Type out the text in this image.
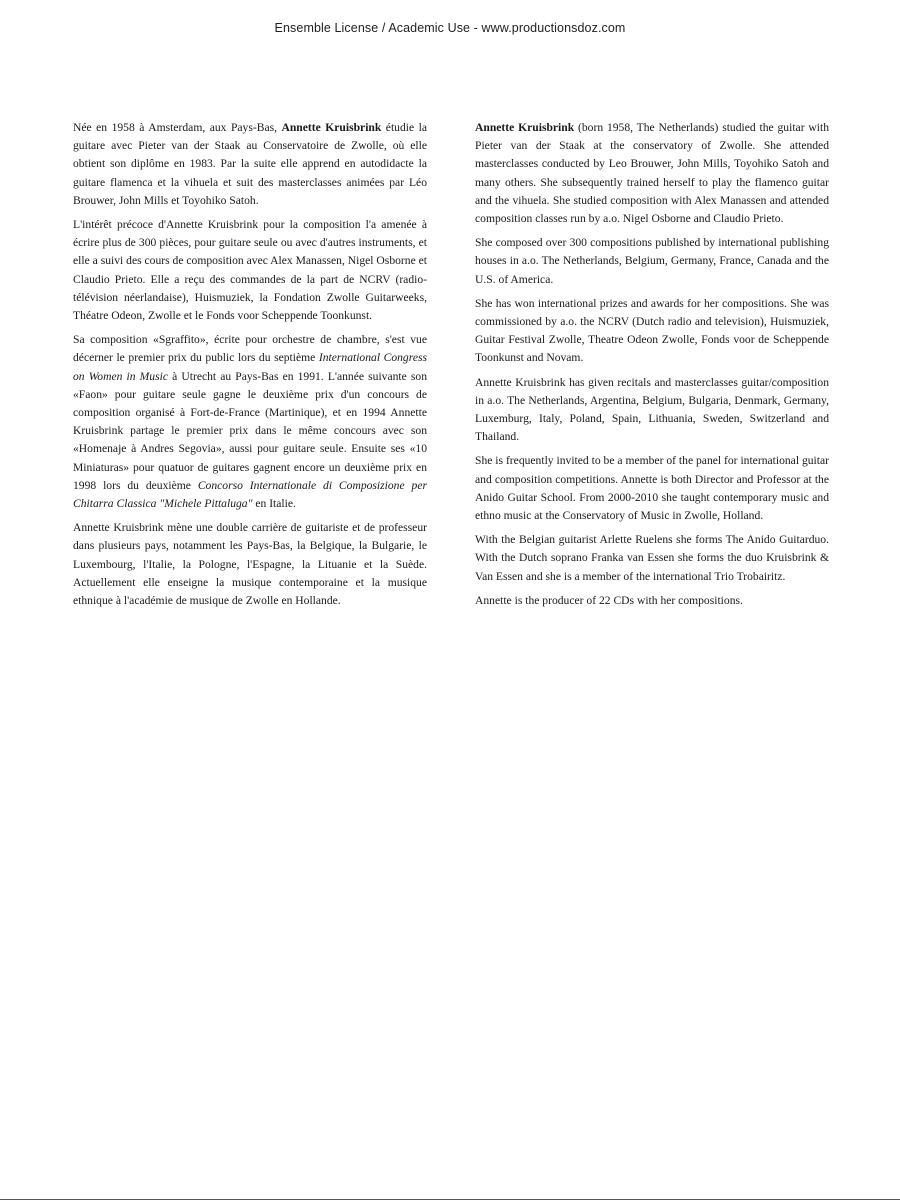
Ensemble License / Academic Use - www.productionsdoz.com

Née en 1958 à Amsterdam, aux Pays-Bas, Annette Kruisbrink étudie la guitare avec Pieter van der Staak au Conservatoire de Zwolle, où elle obtient son diplôme en 1983. Par la suite elle apprend en autodidacte la guitare flamenca et la vihuela et suit des masterclasses animées par Léo Brouwer, John Mills et Toyohiko Satoh.

L'intérêt précoce d'Annette Kruisbrink pour la composition l'a amenée à écrire plus de 300 pièces, pour guitare seule ou avec d'autres instruments, et elle a suivi des cours de composition avec Alex Manassen, Nigel Osborne et Claudio Prieto. Elle a reçu des commandes de la part de NCRV (radio-télévision néerlandaise), Huismuziek, la Fondation Zwolle Guitarweeks, Théatre Odeon, Zwolle et le Fonds voor Scheppende Toonkunst.

Sa composition «Sgraffito», écrite pour orchestre de chambre, s'est vue décerner le premier prix du public lors du septième International Congress on Women in Music à Utrecht au Pays-Bas en 1991. L'année suivante son «Faon» pour guitare seule gagne le deuxième prix d'un concours de composition organisé à Fort-de-France (Martinique), et en 1994 Annette Kruisbrink partage le premier prix dans le même concours avec son «Homenaje à Andres Segovia», aussi pour guitare seule. Ensuite ses «10 Miniaturas» pour quatuor de guitares gagnent encore un deuxième prix en 1998 lors du deuxième Concorso Internationale di Composizione per Chitarra Classica "Michele Pittaluga" en Italie.

Annette Kruisbrink mène une double carrière de guitariste et de professeur dans plusieurs pays, notamment les Pays-Bas, la Belgique, la Bulgarie, le Luxembourg, l'Italie, la Pologne, l'Espagne, la Lituanie et la Suède. Actuellement elle enseigne la musique contemporaine et la musique ethnique à l'académie de musique de Zwolle en Hollande.

Annette Kruisbrink (born 1958, The Netherlands) studied the guitar with Pieter van der Staak at the conservatory of Zwolle. She attended masterclasses conducted by Leo Brouwer, John Mills, Toyohiko Satoh and many others. She subsequently trained herself to play the flamenco guitar and the vihuela. She studied composition with Alex Manassen and attended composition classes run by a.o. Nigel Osborne and Claudio Prieto.

She composed over 300 compositions published by international publishing houses in a.o. The Netherlands, Belgium, Germany, France, Canada and the U.S. of America.

She has won international prizes and awards for her compositions. She was commissioned by a.o. the NCRV (Dutch radio and television), Huismuziek, Guitar Festival Zwolle, Theatre Odeon Zwolle, Fonds voor de Scheppende Toonkunst and Novam.

Annette Kruisbrink has given recitals and masterclasses guitar/composition in a.o. The Netherlands, Argentina, Belgium, Bulgaria, Denmark, Germany, Luxemburg, Italy, Poland, Spain, Lithuania, Sweden, Switzerland and Thailand.

She is frequently invited to be a member of the panel for international guitar and composition competitions. Annette is both Director and Professor at the Anido Guitar School. From 2000-2010 she taught contemporary music and ethno music at the Conservatory of Music in Zwolle, Holland.

With the Belgian guitarist Arlette Ruelens she forms The Anido Guitarduo. With the Dutch soprano Franka van Essen she forms the duo Kruisbrink & Van Essen and she is a member of the international Trio Trobairitz.

Annette is the producer of 22 CDs with her compositions.
